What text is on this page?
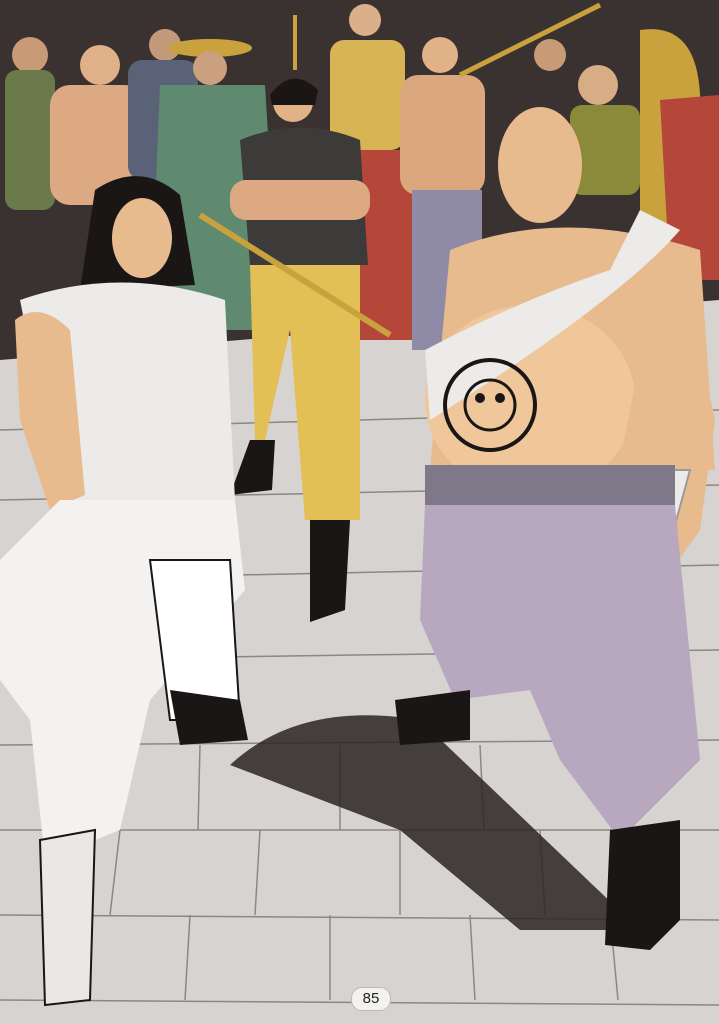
85
